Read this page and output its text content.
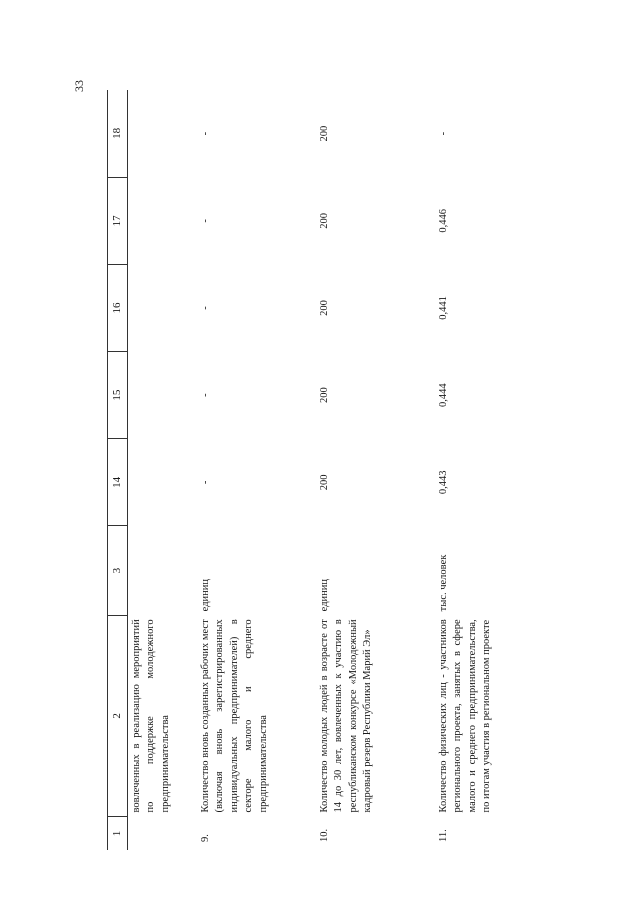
33
1	2	3	14	15	16	17	18
	вовлеченных в реализацию мероприятий по поддержке молодежного предпринимательства						
9.	Количество вновь созданных рабочих мест (включая вновь зарегистрированных индивидуальных предпринимателей) в секторе малого и среднего предпринимательства	единиц	-	-	-	-	-
10.	Количество молодых людей в возрасте от 14 до 30 лет, вовлеченных к участию в республиканском конкурсе «Молодежный кадровый резерв Республики Марий Эл»	единиц	200	200	200	200	200
11.	Количество физических лиц - участников регионального проекта, занятых в сфере малого и среднего предпринимательства, по итогам участия в региональном проекте	тыс. человек	0,443	0,444	0,441	0,446	-
